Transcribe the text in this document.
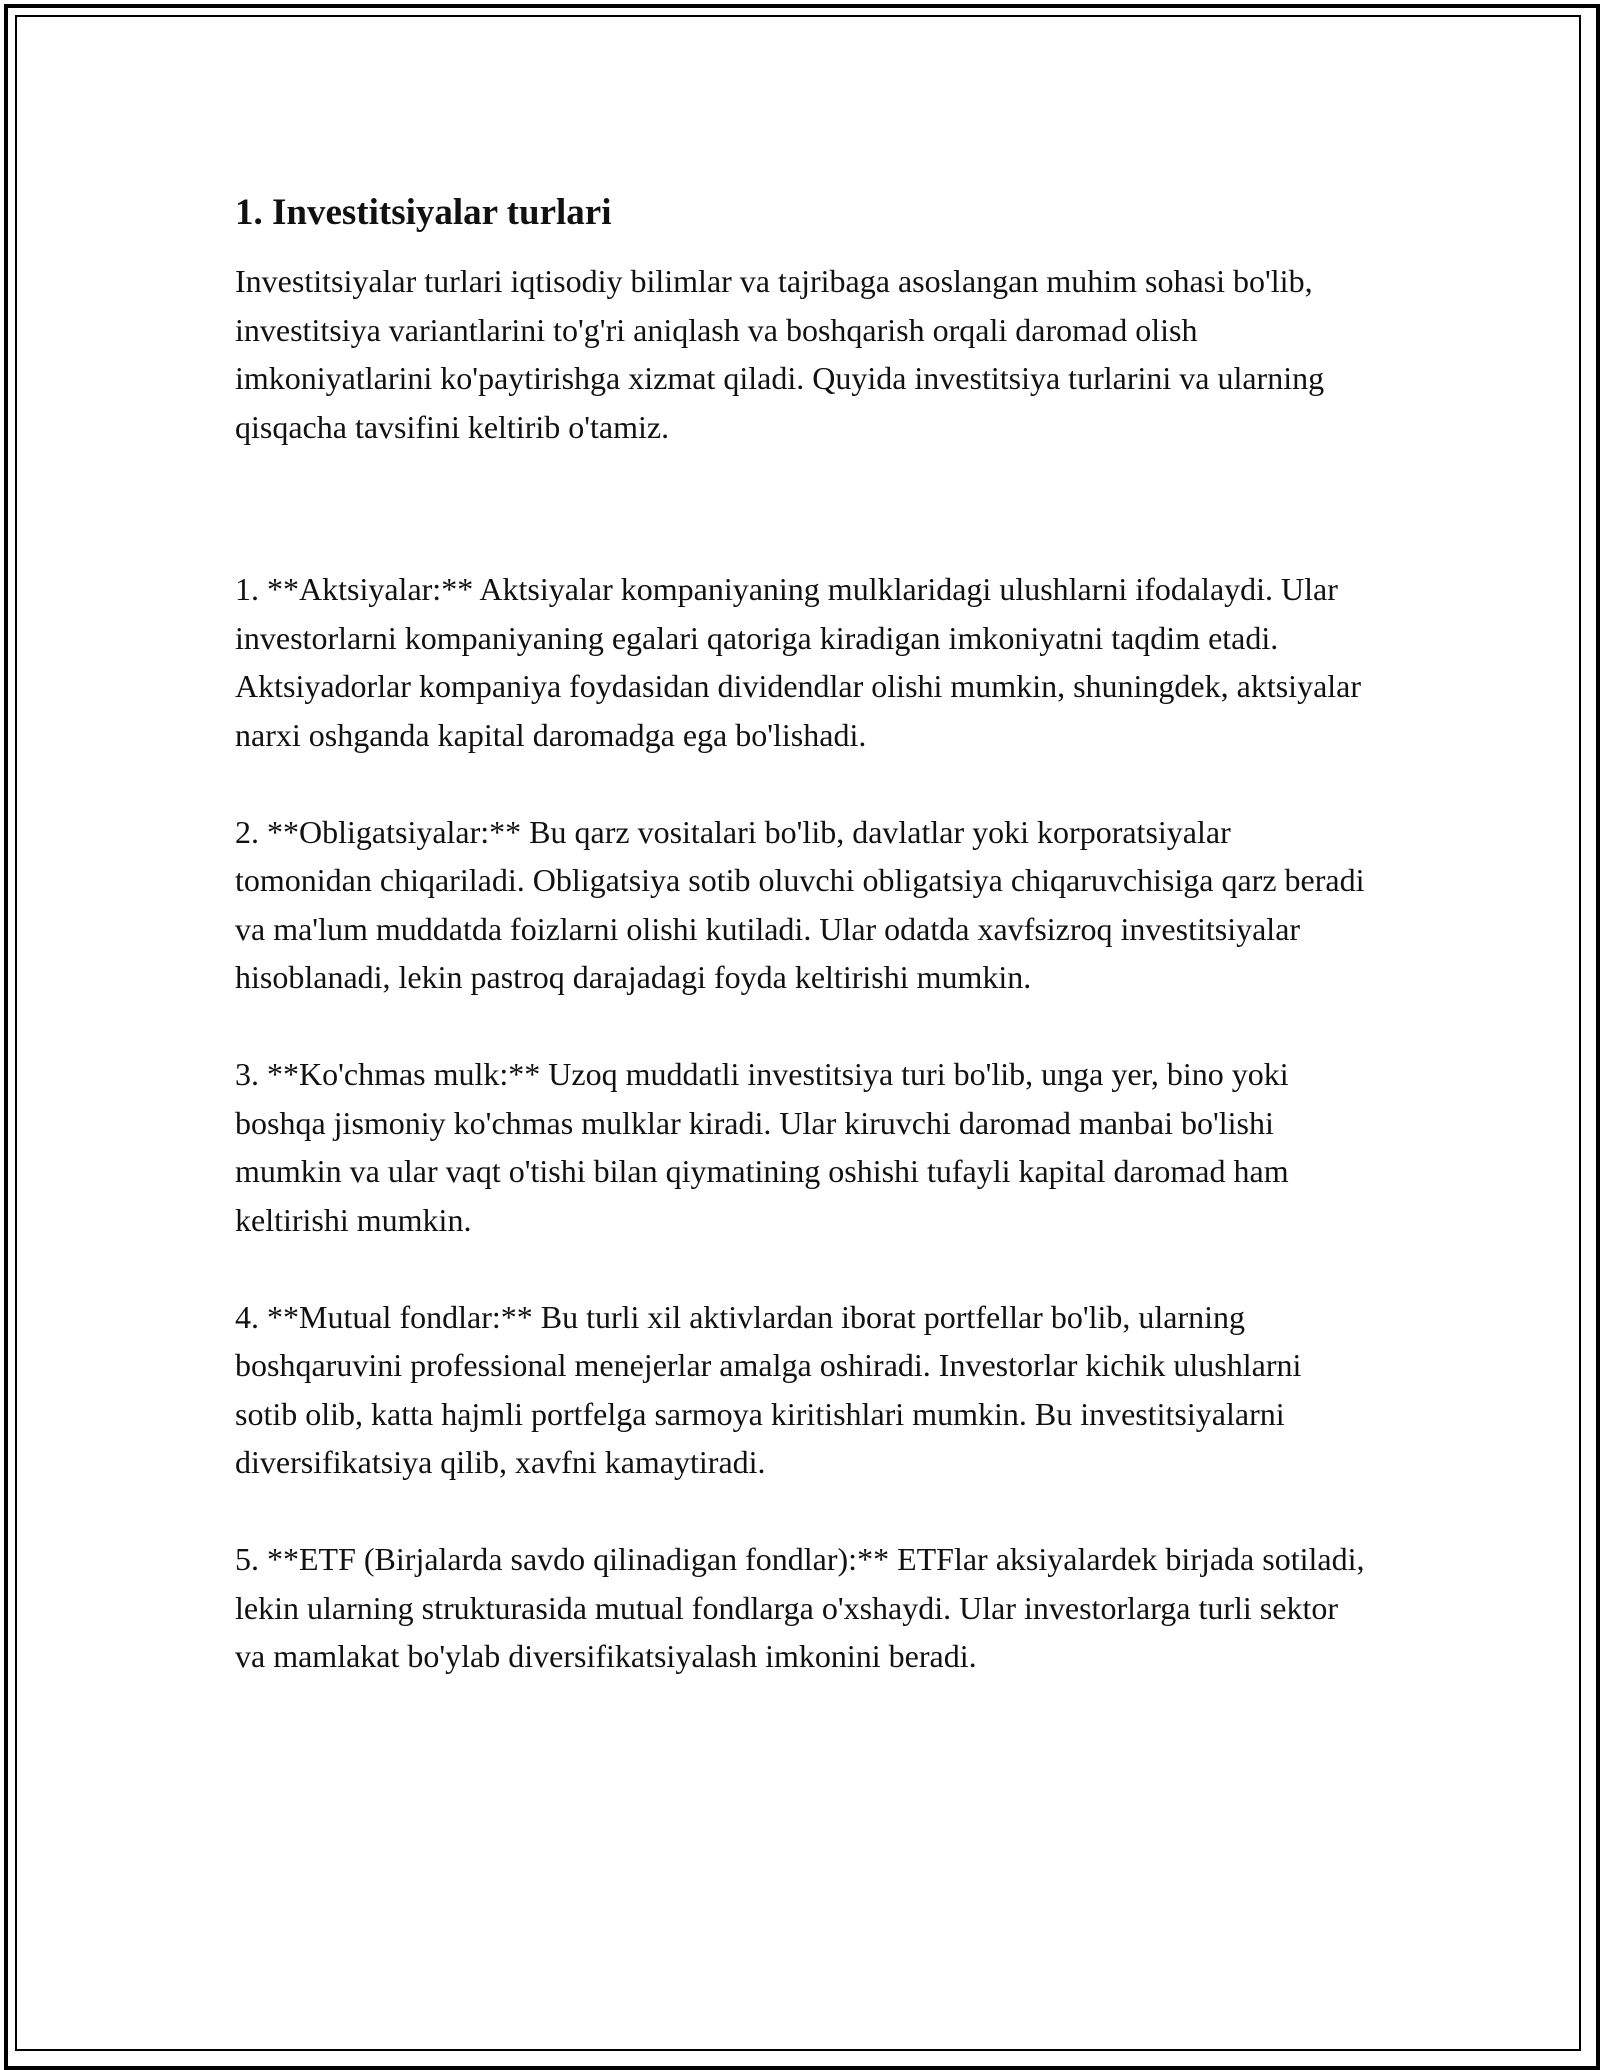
1. Investitsiyalar turlari

Investitsiyalar turlari iqtisodiy bilimlar va tajribaga asoslangan muhim sohasi bo'lib, investitsiya variantlarini to'g'ri aniqlash va boshqarish orqali daromad olish imkoniyatlarini ko'paytirishga xizmat qiladi. Quyida investitsiya turlarini va ularning qisqacha tavsifini keltirib o'tamiz.

1. **Aktsiyalar:** Aktsiyalar kompaniyaning mulklaridagi ulushlarni ifodalaydi. Ular investorlarni kompaniyaning egalari qatoriga kiradigan imkoniyatni taqdim etadi. Aktsiyadorlar kompaniya foydasidan dividendlar olishi mumkin, shuningdek, aktsiyalar narxi oshganda kapital daromadga ega bo'lishadi.

2. **Obligatsiyalar:** Bu qarz vositalari bo'lib, davlatlar yoki korporatsiyalar tomonidan chiqariladi. Obligatsiya sotib oluvchi obligatsiya chiqaruvchisiga qarz beradi va ma'lum muddatda foizlarni olishi kutiladi. Ular odatda xavfsizroq investitsiyalar hisoblanadi, lekin pastroq darajadagi foyda keltirishi mumkin.

3. **Ko'chmas mulk:** Uzoq muddatli investitsiya turi bo'lib, unga yer, bino yoki boshqa jismoniy ko'chmas mulklar kiradi. Ular kiruvchi daromad manbai bo'lishi mumkin va ular vaqt o'tishi bilan qiymatining oshishi tufayli kapital daromad ham keltirishi mumkin.

4. **Mutual fondlar:** Bu turli xil aktivlardan iborat portfellar bo'lib, ularning boshqaruvini professional menejerlar amalga oshiradi. Investorlar kichik ulushlarni sotib olib, katta hajmli portfelga sarmoya kiritishlari mumkin. Bu investitsiyalarni diversifikatsiya qilib, xavfni kamaytiradi.

5. **ETF (Birjalarda savdo qilinadigan fondlar):** ETFlar aksiyalardek birjada sotiladi, lekin ularning strukturasida mutual fondlarga o'xshaydi. Ular investorlarga turli sektor va mamlakat bo'ylab diversifikatsiyalash imkonini beradi.
